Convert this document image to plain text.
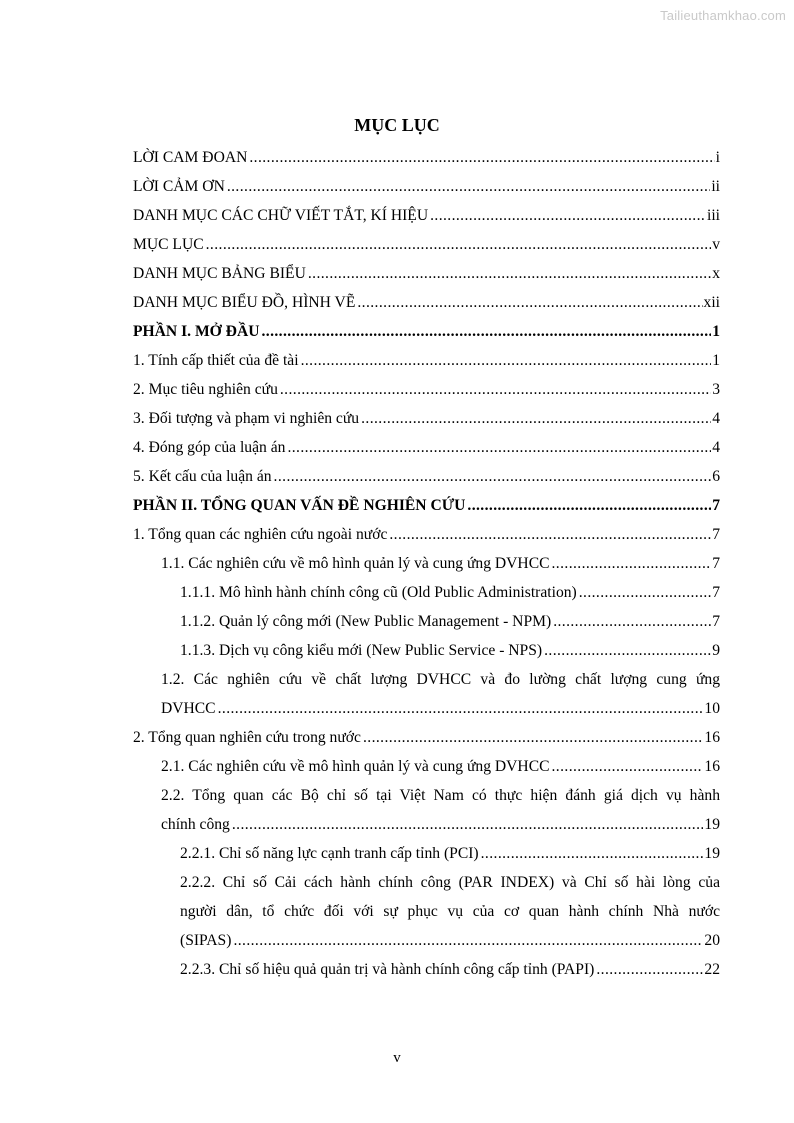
Tailieuthamkhao.com
MỤC LỤC
LỜI CAM ĐOAN .....	i
LỜI CẢM ƠN .....	ii
DANH MỤC CÁC CHỮ VIẾT TẮT, KÍ HIỆU .....	iii
MỤC LỤC .....	v
DANH MỤC BẢNG BIỂU .....	x
DANH MỤC BIỂU ĐỒ, HÌNH VẼ .....	xii
PHẦN I. MỞ ĐẦU .....	1
1. Tính cấp thiết của đề tài .....	1
2. Mục tiêu nghiên cứu .....	3
3. Đối tượng và phạm vi nghiên cứu .....	4
4. Đóng góp của luận án .....	4
5. Kết cấu của luận án .....	6
PHẦN II. TỔNG QUAN VẤN ĐỀ NGHIÊN CỨU .....	7
1. Tổng quan các nghiên cứu ngoài nước .....	7
1.1. Các nghiên cứu về mô hình quản lý và cung ứng DVHCC .....	7
1.1.1. Mô hình hành chính công cũ (Old Public Administration) .....	7
1.1.2. Quản lý công mới (New Public Management - NPM) .....	7
1.1.3. Dịch vụ công kiểu mới (New Public Service - NPS) .....	9
1.2. Các nghiên cứu về chất lượng DVHCC và đo lường chất lượng cung ứng
DVHCC .....	10
2. Tổng quan nghiên cứu trong nước .....	16
2.1. Các nghiên cứu về mô hình quản lý và cung ứng DVHCC .....	16
2.2. Tổng quan các Bộ chỉ số tại Việt Nam có thực hiện đánh giá dịch vụ hành
chính công .....	19
2.2.1. Chỉ số năng lực cạnh tranh cấp tỉnh (PCI) .....	19
2.2.2. Chỉ số Cải cách hành chính công (PAR INDEX) và Chỉ số hài lòng của
người dân, tổ chức đối với sự phục vụ của cơ quan hành chính Nhà nước
(SIPAS) .....	20
2.2.3. Chỉ số hiệu quả quản trị và hành chính công cấp tỉnh (PAPI) .....	22
v
